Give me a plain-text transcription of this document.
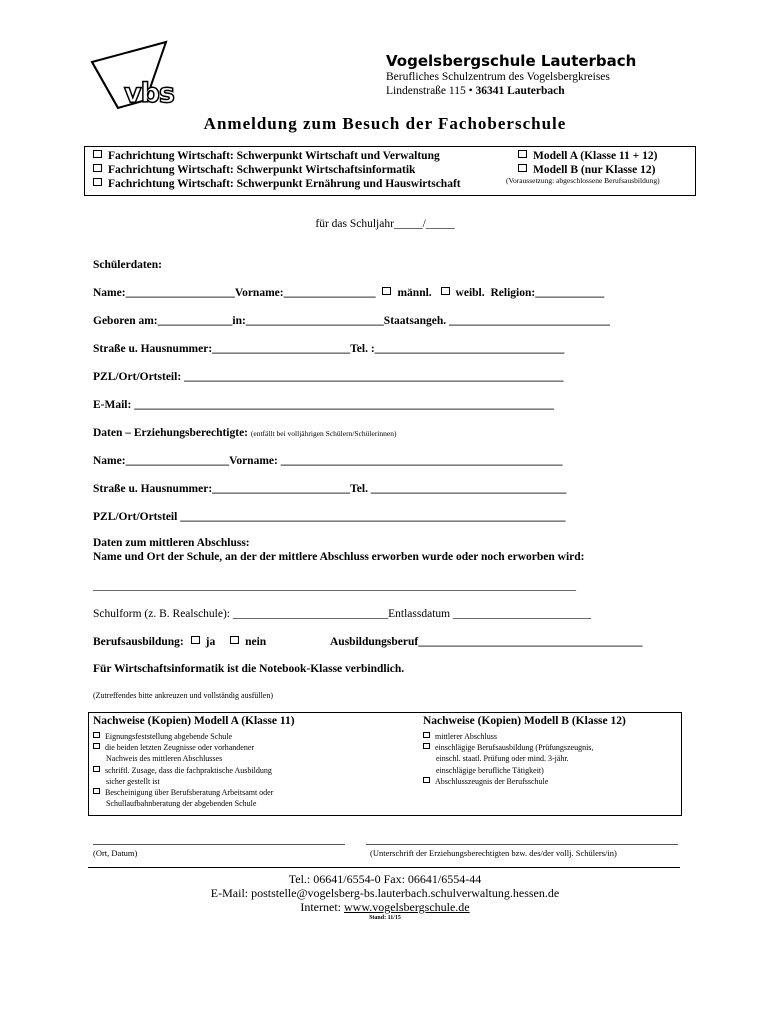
vbs
Vogelsbergschule Lauterbach
Berufliches Schulzentrum des Vogelsbergkreises
Lindenstraße 115 • 36341 Lauterbach
Anmeldung zum Besuch der Fachoberschule
Fachrichtung Wirtschaft: Schwerpunkt Wirtschaft und Verwaltung
Fachrichtung Wirtschaft: Schwerpunkt Wirtschaftsinformatik
Fachrichtung Wirtschaft: Schwerpunkt Ernährung und Hauswirtschaft
Modell A (Klasse 11 + 12)
Modell B (nur Klasse 12)
(Voraussetzung: abgeschlossene Berufsausbildung)
für das Schuljahr_____/_____
Schülerdaten:
Name:___________________Vorname:________________ männl. weibl. Religion:____________
Geboren am:_____________in:________________________Staatsangeh. ____________________________
Straße u. Hausnummer:________________________Tel. :_________________________________
PZL/Ort/Ortsteil: __________________________________________________________________
E-Mail: _________________________________________________________________________
Daten – Erziehungsberechtigte: (entfällt bei volljährigen Schülern/Schülerinnen)
Name:__________________Vorname: _________________________________________________
Straße u. Hausnummer:________________________Tel. __________________________________
PZL/Ort/Ortsteil ___________________________________________________________________
Daten zum mittleren Abschluss:
Name und Ort der Schule, an der der mittlere Abschluss erworben wurde oder noch erworben wird:
____________________________________________________________________________________
Schulform (z. B. Realschule): ___________________________Entlassdatum ________________________
Berufsausbildung: ja	nein	Ausbildungsberuf_______________________________________
Für Wirtschaftsinformatik ist die Notebook-Klasse verbindlich.
(Zutreffendes bitte ankreuzen und vollständig ausfüllen)
Nachweise (Kopien) Modell A (Klasse 11)
Eignungsfeststellung abgebende Schule
die beiden letzten Zeugnisse oder vorhandener
Nachweis des mittleren Abschlusses
schriftl. Zusage, dass die fachpraktische Ausbildung
sicher gestellt ist
Bescheinigung über Berufsberatung Arbeitsamt oder
Schullaufbahnberatung der abgebenden Schule
Nachweise (Kopien) Modell B (Klasse 12)
mittlerer Abschluss
einschlägige Berufsausbildung (Prüfungszeugnis,
einschl. staatl. Prüfung oder mind. 3-jähr.
einschlägige berufliche Tätigkeit)
Abschlusszeugnis der Berufsschule
(Ort, Datum)	(Unterschrift der Erziehungsberechtigten bzw. des/der vollj. Schülers/in)
Tel.: 06641/6554-0 Fax: 06641/6554-44
E-Mail: poststelle@vogelsberg-bs.lauterbach.schulverwaltung.hessen.de
Internet: www.vogelsbergschule.de
Stand: 11/15
